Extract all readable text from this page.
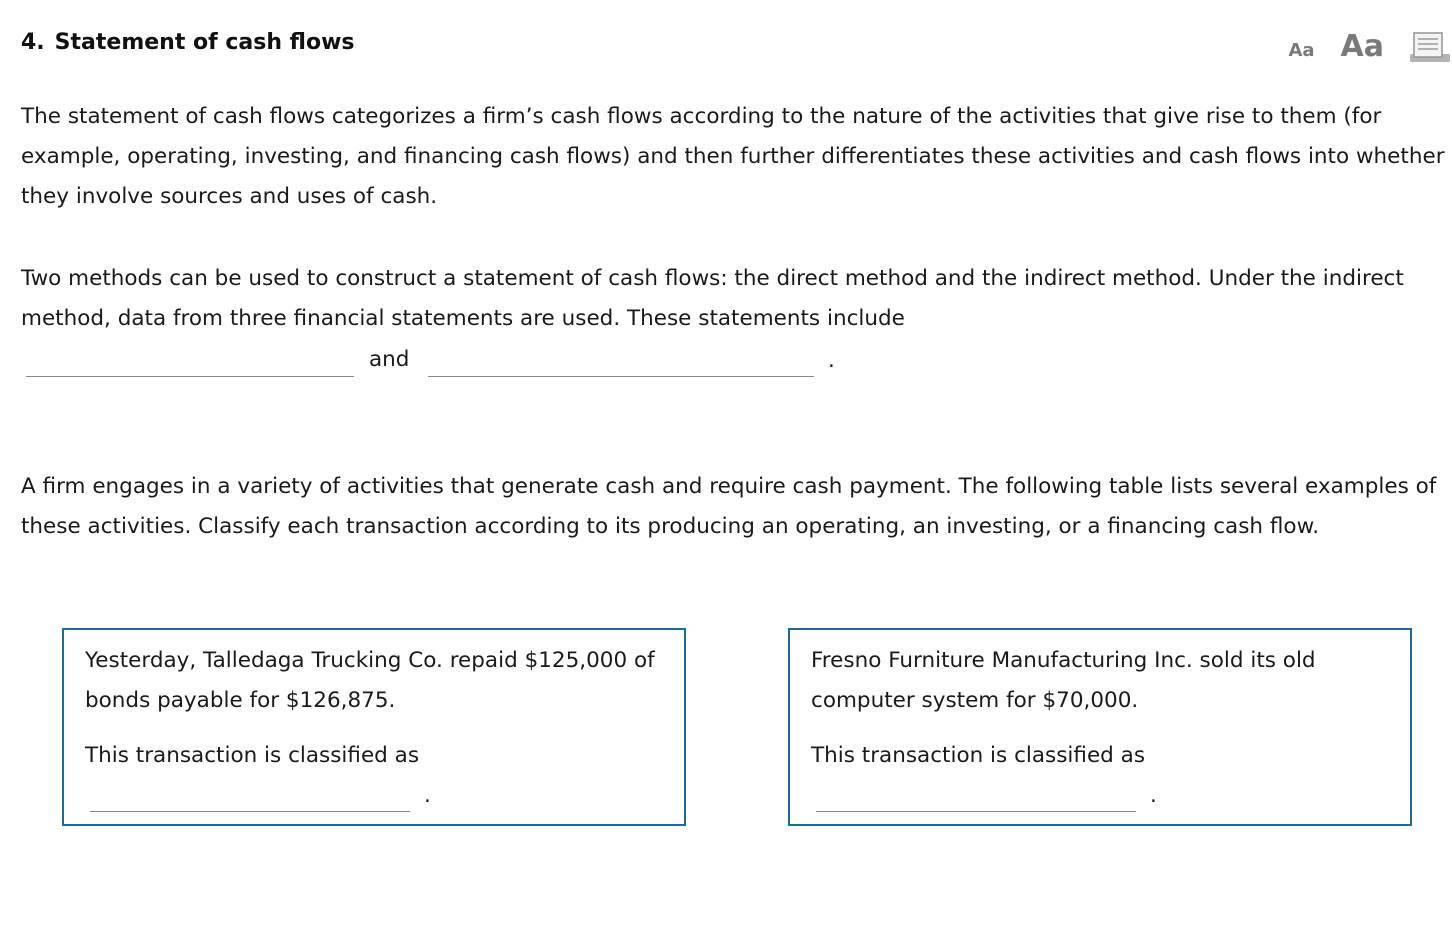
4. Statement of cash flows	Aa Aa

The statement of cash flows categorizes a firm’s cash flows according to the nature of the activities that give rise to them (for example, operating, investing, and financing cash flows) and then further differentiates these activities and cash flows into whether they involve sources and uses of cash.

Two methods can be used to construct a statement of cash flows: the direct method and the indirect method. Under the indirect method, data from three financial statements are used. These statements include

and	.

A firm engages in a variety of activities that generate cash and require cash payment. The following table lists several examples of these activities. Classify each transaction according to its producing an operating, an investing, or a financing cash flow.

Yesterday, Talledaga Trucking Co. repaid $125,000 of bonds payable for $126,875.

This transaction is classified as

.

Fresno Furniture Manufacturing Inc. sold its old computer system for $70,000.

This transaction is classified as

.
